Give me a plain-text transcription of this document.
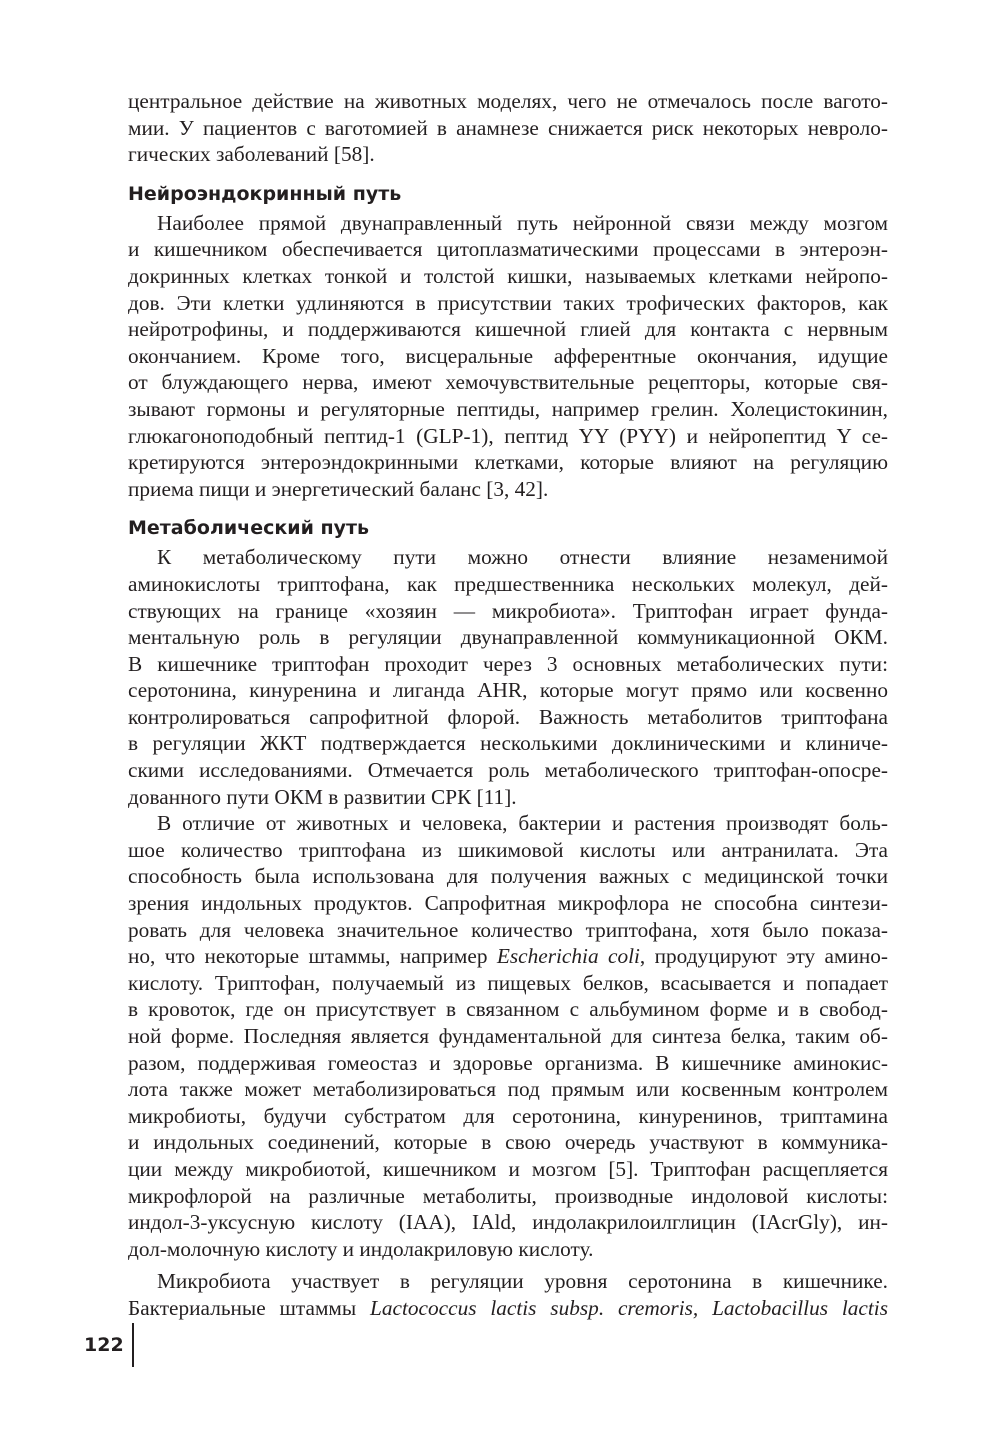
центральное действие на животных моделях, чего не отмечалось после вагото-
мии. У пациентов с ваготомией в анамнезе снижается риск некоторых невроло-
гических заболеваний [58].

Нейроэндокринный путь

Наиболее прямой двунаправленный путь нейронной связи между мозгом
и кишечником обеспечивается цитоплазматическими процессами в энтероэн-
докринных клетках тонкой и толстой кишки, называемых клетками нейропо-
дов. Эти клетки удлиняются в присутствии таких трофических факторов, как
нейротрофины, и поддерживаются кишечной глией для контакта с нервным
окончанием. Кроме того, висцеральные афферентные окончания, идущие
от блуждающего нерва, имеют хемочувствительные рецепторы, которые свя-
зывают гормоны и регуляторные пептиды, например грелин. Холецистокинин,
глюкагоноподобный пептид-1 (GLP-1), пептид YY (PYY) и нейропептид Y се-
кретируются энтероэндокринными клетками, которые влияют на регуляцию
приема пищи и энергетический баланс [3, 42].

Метаболический путь

К метаболическому пути можно отнести влияние незаменимой
аминокислоты триптофана, как предшественника нескольких молекул, дей-
ствующих на границе «хозяин — микробиота». Триптофан играет фунда-
ментальную роль в регуляции двунаправленной коммуникационной ОКМ.
В кишечнике триптофан проходит через 3 основных метаболических пути:
серотонина, кинуренина и лиганда AHR, которые могут прямо или косвенно
контролироваться сапрофитной флорой. Важность метаболитов триптофана
в регуляции ЖКТ подтверждается несколькими доклиническими и клиниче-
скими исследованиями. Отмечается роль метаболического триптофан-опосре-
дованного пути ОКМ в развитии СРК [11].

В отличие от животных и человека, бактерии и растения производят боль-
шое количество триптофана из шикимовой кислоты или антранилата. Эта
способность была использована для получения важных с медицинской точки
зрения индольных продуктов. Сапрофитная микрофлора не способна синтези-
ровать для человека значительное количество триптофана, хотя было показа-
но, что некоторые штаммы, например Escherichia coli, продуцируют эту амино-
кислоту. Триптофан, получаемый из пищевых белков, всасывается и попадает
в кровоток, где он присутствует в связанном с альбумином форме и в свобод-
ной форме. Последняя является фундаментальной для синтеза белка, таким об-
разом, поддерживая гомеостаз и здоровье организма. В кишечнике аминокис-
лота также может метаболизироваться под прямым или косвенным контролем
микробиоты, будучи субстратом для серотонина, кинуренинов, триптамина
и индольных соединений, которые в свою очередь участвуют в коммуника-
ции между микробиотой, кишечником и мозгом [5]. Триптофан расщепляется
микрофлорой на различные метаболиты, производные индоловой кислоты:
индол-3-уксусную кислоту (IAA), IAld, индолакрилоилглицин (IAcrGly), ин-
дол-молочную кислоту и индолакриловую кислоту.

Микробиота участвует в регуляции уровня серотонина в кишечнике.
Бактериальные штаммы Lactococcus lactis subsp. cremoris, Lactobacillus lactis

122
